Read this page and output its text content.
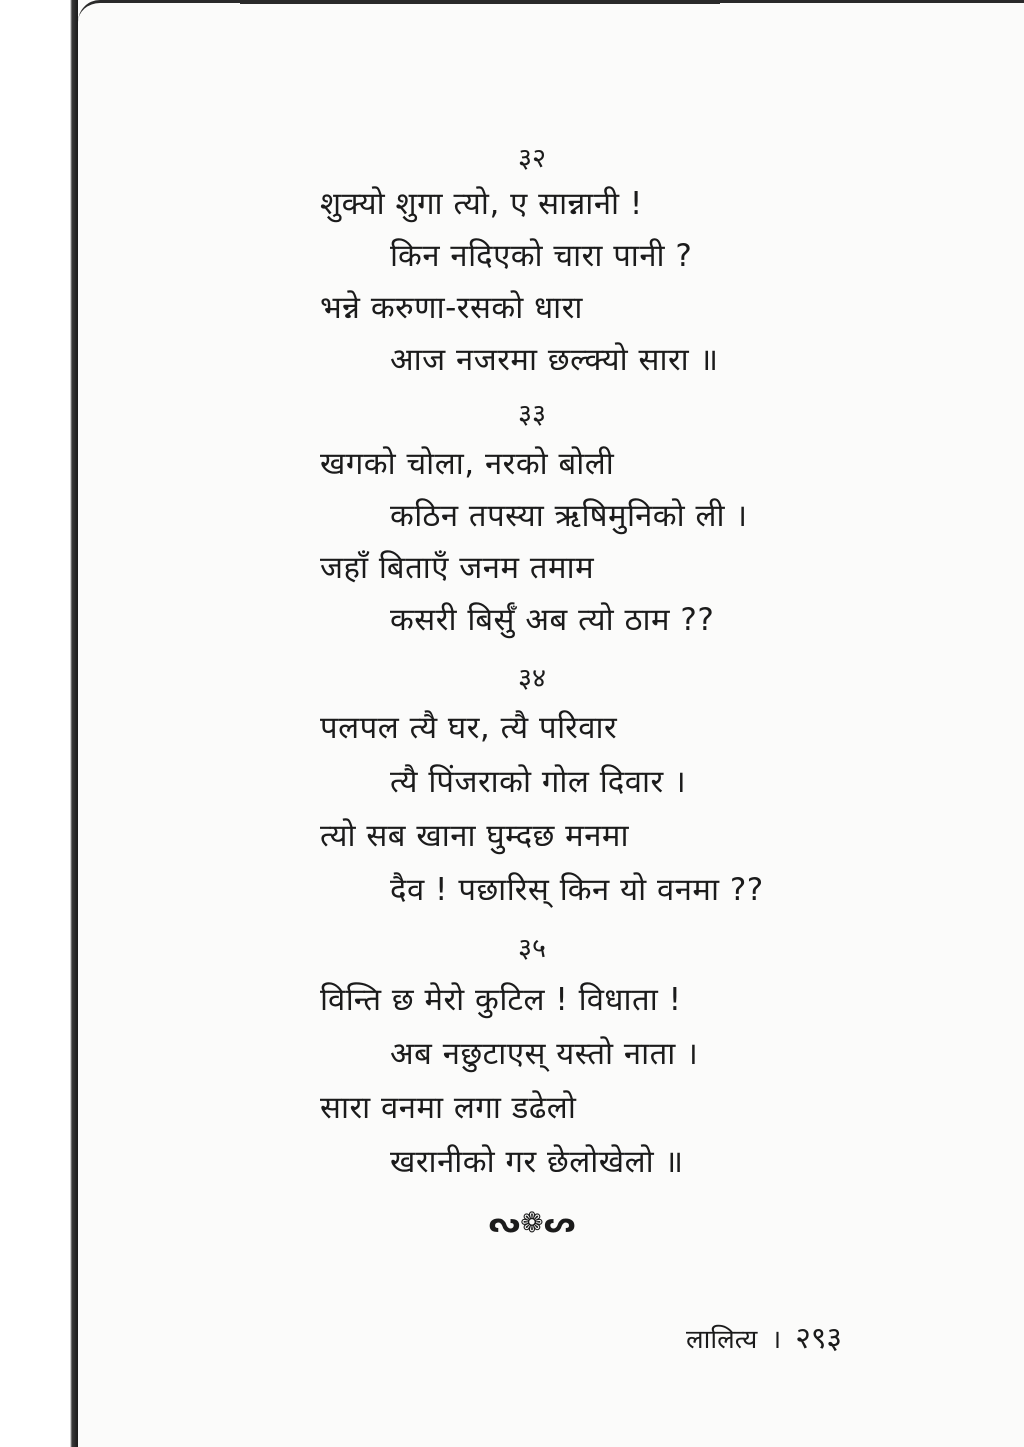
३२
शुक्यो शुगा त्यो, ए सान्नानी !
किन नदिएको चारा पानी ?
भन्ने करुणा-रसको धारा
आज नजरमा छल्क्यो सारा ॥
३३
खगको चोला, नरको बोली
कठिन तपस्या ऋषिमुनिको ली ।
जहाँ बिताएँ जनम तमाम
कसरी बिर्सुँ अब त्यो ठाम ??
३४
पलपल त्यै घर, त्यै परिवार
त्यै पिंजराको गोल दिवार ।
त्यो सब खाना घुम्दछ मनमा
दैव ! पछारिस् किन यो वनमा ??
३५
विन्ति छ मेरो कुटिल ! विधाता !
अब नछुटाएस् यस्तो नाता ।
सारा वनमा लगा डढेलो
खरानीको गर छेलोखेलो ॥
ᔓ❁ᔕ
लालित्य । २९३
